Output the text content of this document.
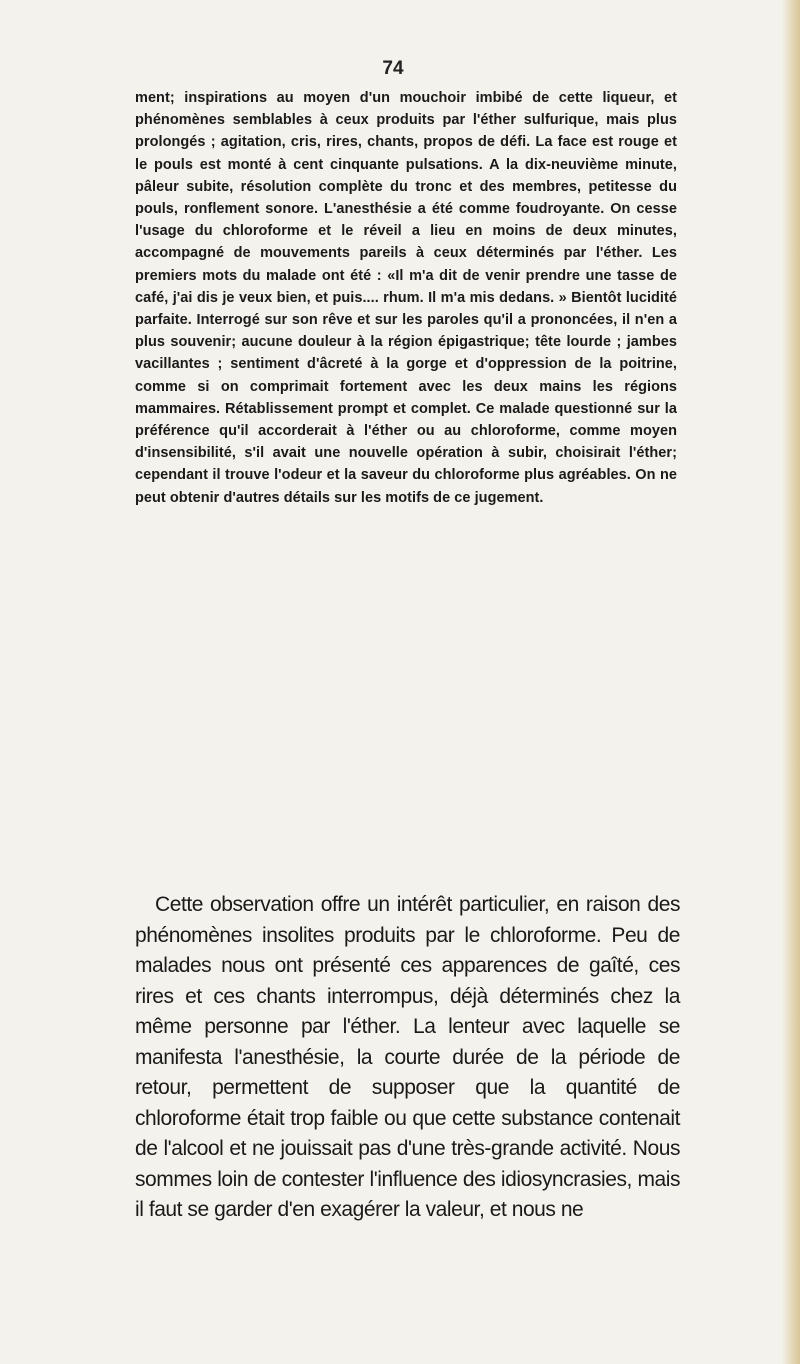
74

ment; inspirations au moyen d'un mouchoir imbibé de cette liqueur, et phénomènes semblables à ceux produits par l'éther sulfurique, mais plus prolongés ; agitation, cris, rires, chants, propos de défi. La face est rouge et le pouls est monté à cent cinquante pulsations. A la dix-neuvième minute, pâleur subite, résolution complète du tronc et des membres, petitesse du pouls, ronflement sonore. L'anesthésie a été comme foudroyante. On cesse l'usage du chloroforme et le réveil a lieu en moins de deux minutes, accompagné de mouvements pareils à ceux déterminés par l'éther. Les premiers mots du malade ont été : «Il m'a dit de venir prendre une tasse de café, j'ai dis je veux bien, et puis.... rhum. Il m'a mis dedans. » Bientôt lucidité parfaite. Interrogé sur son rêve et sur les paroles qu'il a prononcées, il n'en a plus souvenir; aucune douleur à la région épigastrique; tête lourde ; jambes vacillantes ; sentiment d'âcreté à la gorge et d'oppression de la poitrine, comme si on comprimait fortement avec les deux mains les régions mammaires. Rétablissement prompt et complet. Ce malade questionné sur la préférence qu'il accorderait à l'éther ou au chloroforme, comme moyen d'insensibilité, s'il avait une nouvelle opération à subir, choisirait l'éther; cependant il trouve l'odeur et la saveur du chloroforme plus agréables. On ne peut obtenir d'autres détails sur les motifs de ce jugement.

Cette observation offre un intérêt particulier, en raison des phénomènes insolites produits par le chloroforme. Peu de malades nous ont présenté ces apparences de gaîté, ces rires et ces chants interrompus, déjà déterminés chez la même personne par l'éther. La lenteur avec laquelle se manifesta l'anesthésie, la courte durée de la période de retour, permettent de supposer que la quantité de chloroforme était trop faible ou que cette substance contenait de l'alcool et ne jouissait pas d'une très-grande activité. Nous sommes loin de contester l'influence des idiosyncrasies, mais il faut se garder d'en exagérer la valeur, et nous ne
